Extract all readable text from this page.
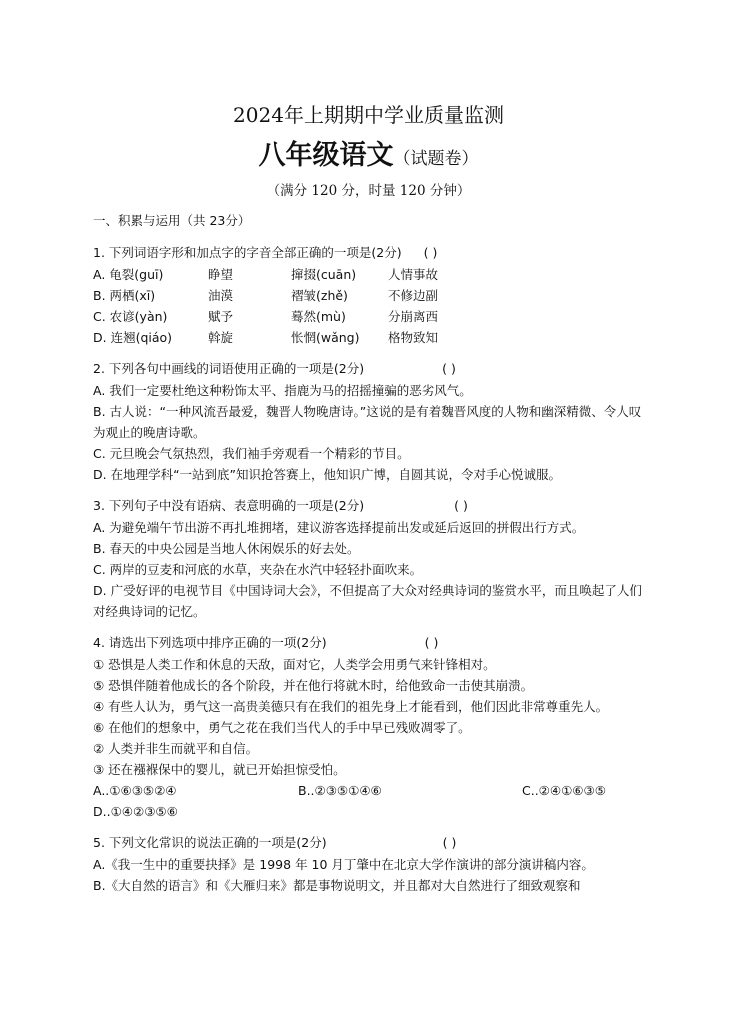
2024年上期期中学业质量监测
八年级语文（试题卷）
（满分 120 分，时量 120 分钟）
一、积累与运用（共 23分）
1. 下列词语字形和加点字的字音全部正确的一项是(2分) ( )
A. 龟裂(guī)	睁望	撺掇(cuān)	人情事故
B. 两栖(xī)	油漠	褶皱(zhě)	不修边副
C. 农谚(yàn)	赋予	蓦然(mù)	分崩离西
D. 连翘(qiáo)	斡旋	怅惘(wǎng) 格物致知
2. 下列各句中画线的词语使用正确的一项是(2分)	( )
A. 我们一定要杜绝这种粉饰太平、指鹿为马的招摇撞骗的恶劣风气。
B. 古人说：“一种风流吾最爱，魏晋人物晚唐诗。”这说的是有着魏晋风度的人物和幽深精微、令人叹为观止的晚唐诗歌。
C. 元旦晚会气氛热烈，我们袖手旁观看一个精彩的节目。
D. 在地理学科“一站到底”知识抢答赛上，他知识广博，自圆其说，令对手心悦诚服。
3. 下列句子中没有语病、表意明确的一项是(2分)	( )
A. 为避免端午节出游不再扎堆拥堵，建议游客选择提前出发或延后返回的拼假出行方式。
B. 春天的中央公园是当地人休闲娱乐的好去处。
C. 两岸的豆麦和河底的水草，夹杂在水汽中轻轻扑面吹来。
D. 广受好评的电视节目《中国诗词大会》，不但提高了大众对经典诗词的鉴赏水平，而且唤起了人们对经典诗词的记忆。
4. 请选出下列选项中排序正确的一项(2分)	( )
① 恐惧是人类工作和休息的天敌，面对它，人类学会用勇气来针锋相对。
⑤ 恐惧伴随着他成长的各个阶段，并在他行将就木时，给他致命一击使其崩溃。
④ 有些人认为，勇气这一高贵美德只有在我们的祖先身上才能看到，他们因此非常尊重先人。
⑥ 在他们的想象中，勇气之花在我们当代人的手中早已残败凋零了。
② 人类并非生而就平和自信。
③ 还在襁褓保中的婴儿，就已开始担惊受怕。
A..①⑥③⑤②④	B..②③⑤①④⑥	C..②④①⑥③⑤
D..①④②③⑤⑥
5. 下列文化常识的说法正确的一项是(2分)	( )
A.《我一生中的重要抉择》是 1998 年 10 月丁肇中在北京大学作演讲的部分演讲稿内容。
B.《大自然的语言》和《大雁归来》都是事物说明文，并且都对大自然进行了细致观察和
